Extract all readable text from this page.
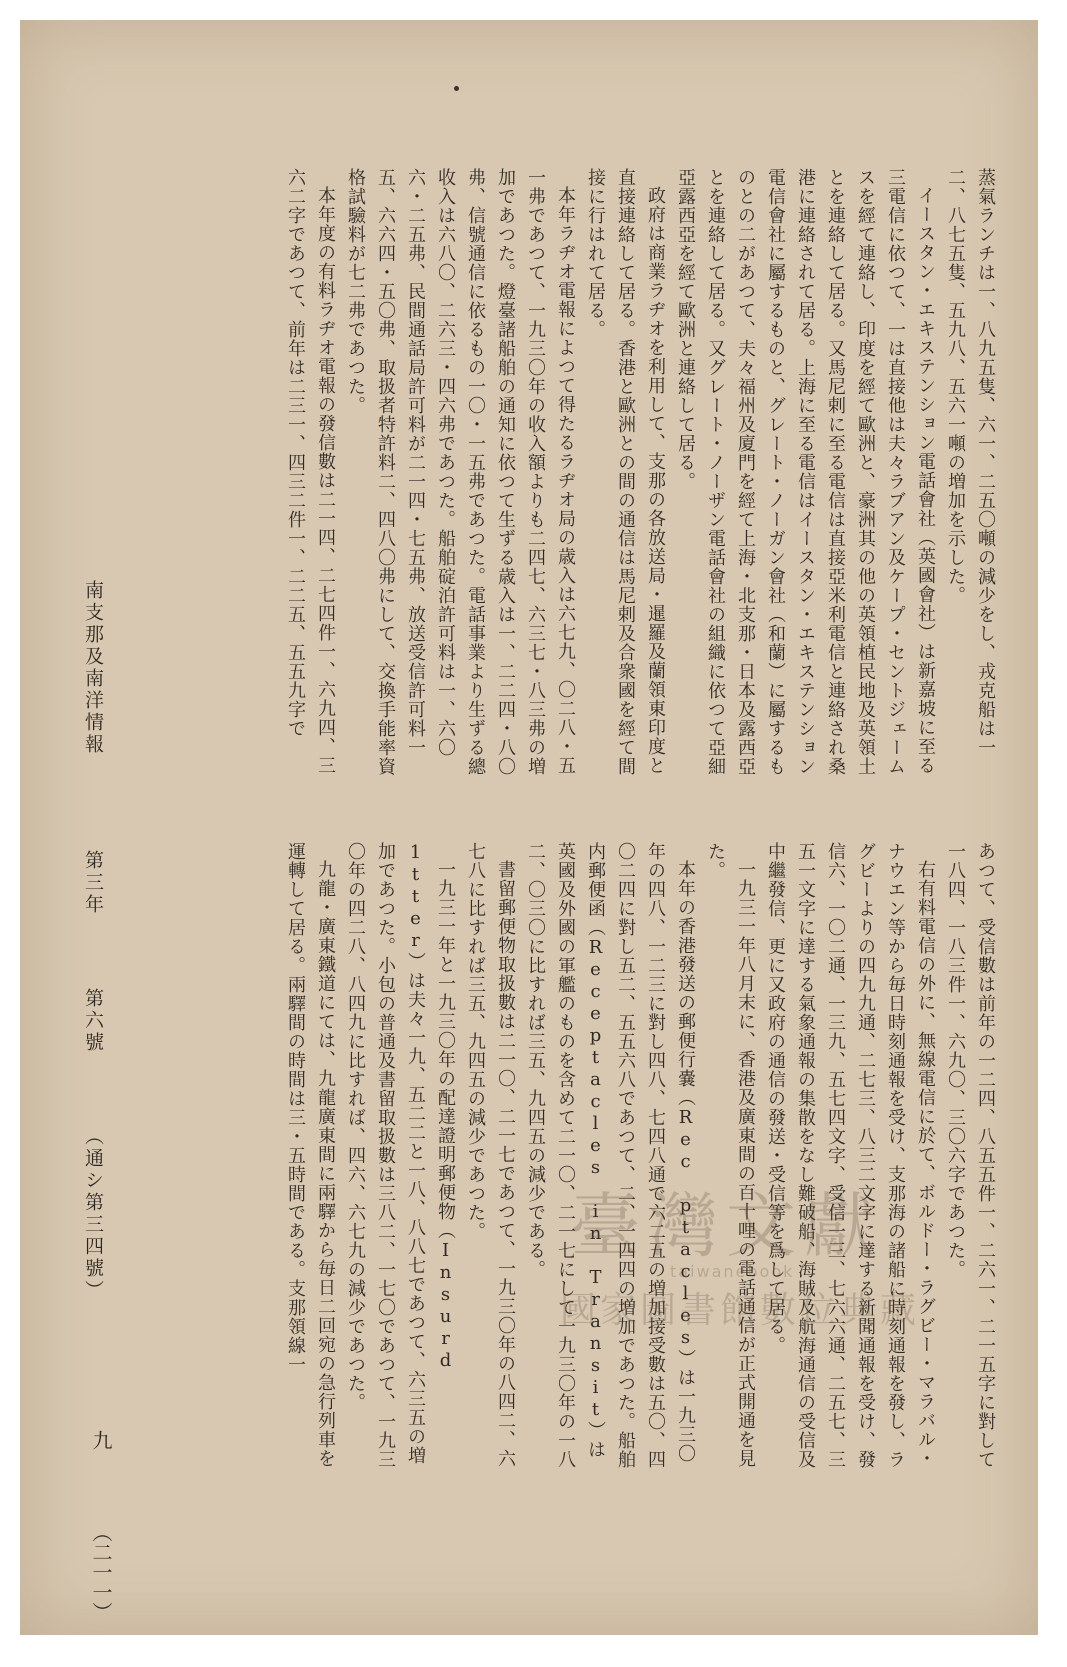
蒸氣ランチは一、八九五隻、六一、二五〇噸の減少をし、戎克船は一二、八七五隻、五九八、五六一噸の増加を示した。

イースタン・エキステンション電話會社（英國會社）は新嘉坡に至る三電信に依つて、一は直接他は夫々ラブアン及ケープ・セントジェームスを經て連絡し、印度を經て歐洲と、豪洲其の他の英領植民地及英領土とを連絡して居る。又馬尼剌に至る電信は直接亞米利電信と連絡され桑港に連絡されて居る。上海に至る電信はイースタン・エキステンション電信會社に屬するものと、グレート・ノーガン會社（和蘭）に屬するものとの二があつて、夫々福州及廈門を經て上海・北支那・日本及露西亞とを連絡して居る。又グレート・ノーザン電話會社の組織に依つて亞細亞露西亞を經て歐洲と連絡して居る。

政府は商業ラヂオを利用して、支那の各放送局・暹羅及蘭領東印度と直接連絡して居る。香港と歐洲との間の通信は馬尼剌及合衆國を經て間接に行はれて居る。

本年ラヂオ電報によつて得たるラヂオ局の歳入は六七九、〇二八・五一弗であつて、一九三〇年の收入額よりも二四七、六三七・八三弗の増加であつた。燈臺諸船舶の通知に依つて生ずる歳入は一、二二四・八〇弗、信號通信に依るもの一〇・一五弗であつた。電話事業より生ずる總收入は六八〇、二六三・四六弗であつた。船舶碇泊許可料は一、六〇六・二五弗、民間通話局許可料が二一四・七五弗、放送受信許可料一五、六六四・五〇弗、取扱者特許料二、四八〇弗にして、交換手能率資格試驗料が七二弗であつた。

本年度の有料ラヂオ電報の發信數は二一四、二七四件一、六九四、三六二字であつて、前年は二三一、四三二件一、二二五、五五九字で

あつて、受信數は前年の一二四、八五五件一、二六一、二一五字に對して一八四、一八三件一、六九〇、三〇六字であつた。

右有料電信の外に、無線電信に於て、ボルドー・ラグビー・マラバル・ナウエン等から毎日時刻通報を受け、支那海の諸船に時刻通報を發し、ラグビーよりの四九九通、二七三、八三二文字に達する新聞通報を受け、發信六、一〇二通、一三九、五七四文字、受信一三、七六六通、二五七、三五一文字に達する氣象通報の集散をなし難破船、海賊及航海通信の受信及中繼發信、更に又政府の通信の發送・受信等を爲して居る。

一九三一年八月末に、香港及廣東間の百十哩の電話通信が正式開通を見た。

本年の香港發送の郵便行嚢（Rec ptacles）は一九三〇年の四八、一二三に對し四八、七四八通で六二五の増加接受數は五〇、四〇二四に對し五二、五五六八であつて、二、一四四の増加であつた。船舶内郵便函（Receptacles in Transit）は英國及外國の軍艦のものを含めて二一〇、二一七にして一九三〇年の一八二、〇三〇に比すれば三五、九四五の減少である。

書留郵便物取扱數は二一〇、二一七であつて、一九三〇年の八四二、六七八に比すれば三五、九四五の減少であつた。

一九三一年と一九三〇年の配達證明郵便物（Insurd 1tter）は夫々一九、五二二と一八、八八七であつて、六三五の増加であつた。小包の普通及書留取扱數は三八二、一七〇であつて、一九三〇年の四二八、八四九に比すれば、四六、六七九の減少であつた。

九龍・廣東鐵道にては、九龍廣東間に兩驛から毎日二回宛の急行列車を運轉して居る。兩驛間の時間は三・五時間である。支那領線一

南支那及南洋情報 　　 第三年 　 第六號 　 （通シ第三四號）
九 （二一一）
臺灣文獻
taiwanebook
國家圖書館數位典藏
